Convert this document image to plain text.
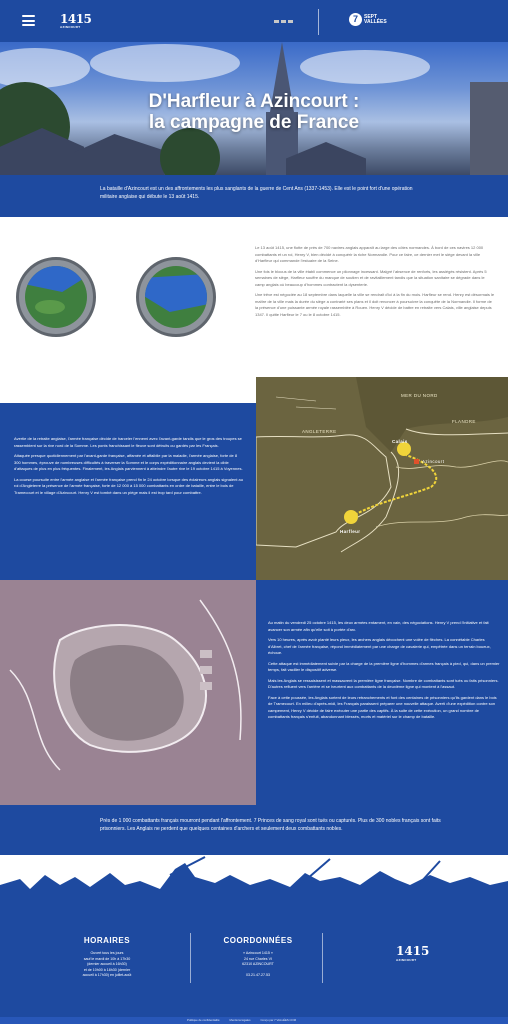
1415
AZINCOURT
7	SEPT
VALLÉES
D'Harfleur à Azincourt :
la campagne de France

La bataille d'Azincourt est un des affrontements les plus sanglants de la guerre de Cent Ans (1337-1453). Elle est le point fort d'une opération militaire anglaise qui débute le 13 août 1415.

Le 13 août 1415, une flotte de près de 700 navires anglais apparaît au large des côtes normandes. À bord de ces navires 12 000 combattants et un roi, Henry V, bien décidé à conquérir la riche Normandie. Pour ce faire, ce dernier met le siège devant la ville d'Harfleur qui commande l'estuaire de la Seine.

Une fois le blocus de la ville établi commence un pilonnage incessant. Malgré l'absence de renforts, les assiégés résistent. Après 5 semaines de siège, Harfleur souffre du manque de soutien et de ravitaillement tandis que la situation sanitaire se dégrade dans le camp anglais où beaucoup d'hommes contractent la dysenterie.

Une trêve est négociée au 18 septembre dans laquelle la ville se rendrait d'ici à la fin du mois. Harfleur se rend. Henry est désormais le maître de la ville mais la durée du siège a contrarié ses plans et il doit renoncer à poursuivre la conquête de la Normandie. Il forme de la présence d'une puissante armée royale rassemblée à Rouen. Henry V décide de battre en retraite vers Calais, ville anglaise depuis 1347. Il quitte Harfleur le 7 ou le 8 octobre 1415.

Avertie de la retraite anglaise, l'armée française décide de harceler l'ennemi avec l'avant-garde tandis que le gros des troupes se rassemblent sur la rive nord de la Somme. Les ponts franchissant le fleuve sont détruits ou gardés par les Français.

Attaquée presque quotidiennement par l'avant-garde française, affamée et affaiblie par la maladie, l'armée anglaise, forte de 8 300 hommes, éprouve de nombreuses difficultés à traverser la Somme et le corps expéditionnaire anglais devient la cible d'attaques de plus en plus fréquentes. Finalement, les Anglais parviennent à atteindre l'autre rive le 19 octobre 1415 à Voyennes.

La course poursuite entre l'armée anglaise et l'armée française prend fin le 24 octobre lorsque des éclaireurs anglais signalent au roi d'Angleterre la présence de l'armée française, forte de 12 000 à 15 000 combattants en ordre de bataille, entre le bois de Tramecourt et le village d'Azincourt. Henry V est tombé dans un piège mais il est trop tard pour combattre.

MER DU NORD
ANGLETERRE
FLANDRE
Calais
Azincourt
Harfleur

Au matin du vendredi 25 octobre 1415, les deux armées entament, en vain, des négociations. Henry V prend l'initiative et fait avancer son armée afin qu'elle soit à portée d'arc.

Vers 10 heures, après avoir planté leurs pieux, les archers anglais décochent une volée de flèches. La connétable Charles d'Albret, chef de l'armée française, répond immédiatement par une charge de cavalerie qui, empêtrée dans un terrain boueux, échoue.

Cette attaque est immédiatement suivie par la charge de la première ligne d'hommes d'armes français à pied, qui, dans un premier temps, fait vaciller le dispositif adverse.

Mais les Anglais se ressaisissent et massacrent la première ligne française. Nombre de combattants sont tués ou faits prisonniers. D'autres refluent vers l'arrière et se heurtent aux combattants de la deuxième ligne qui montent à l'assaut.

Face à cette poussée, les Anglais sortent de leurs retranchements et font des centaines de prisonniers qu'ils gardent dans le bois de Tramecourt. En milieu d'après-midi, les Français paraissent préparer une nouvelle attaque. Averti d'une expédition contre son campement, Henry V décide de faire exécuter une partie des captifs. À la suite de cette exécution, un grand nombre de combattants français s'enfuit, abandonnant blessés, morts et matériel sur le champ de bataille.

Près de 1 000 combattants français mourront pendant l'affrontement. 7 Princes de sang royal sont tués ou capturés. Plus de 300 nobles français sont faits prisonniers. Les Anglais ne perdent que quelques centaines d'archers et seulement deux combattants nobles.

HORAIRES

Ouvert tous les jours

sauf le mardi de 10h à 17h30

(dernier accueil à 16h30)

et de 10h00 à 18h30 (dernier

accueil à 17h30) en juillet-août

COORDONNÉES

« Azincourt 1415 »

24 rue Charles VI

62310 AZINCOURT

03.21.47.27.53

1415
AZINCOURT
Politique de confidentialité	Mentions légales	Conçu par 7 VALLÉES COM
